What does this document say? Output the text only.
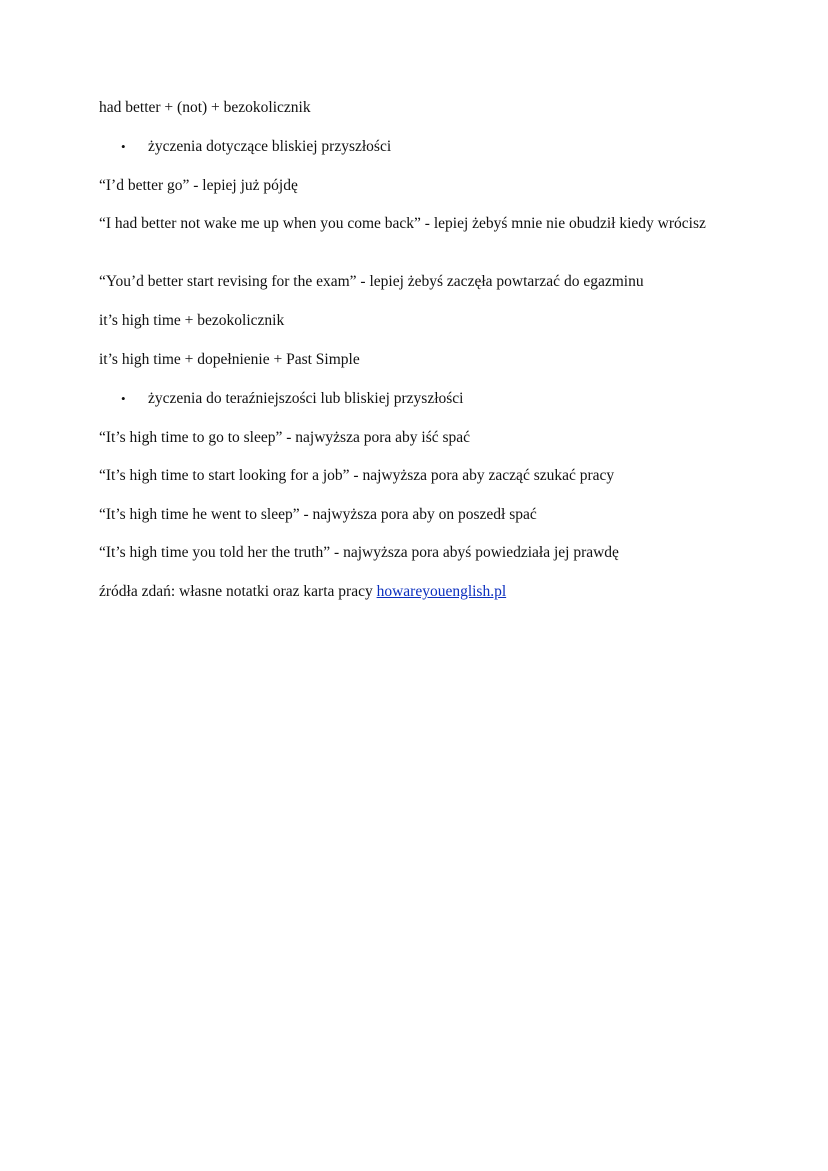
had better + (not) + bezokolicznik
•	życzenia dotyczące bliskiej przyszłości
“I’d better go” - lepiej już pójdę
“I had better not wake me up when you come back” - lepiej żebyś mnie nie obudził kiedy wrócisz
“You’d better start revising for the exam” - lepiej żebyś zaczęła powtarzać do egazminu
it’s high time + bezokolicznik
it’s high time + dopełnienie + Past Simple
•	życzenia do teraźniejszości lub bliskiej przyszłości
“It’s high time to go to sleep” - najwyższa pora aby iść spać
“It’s high time to start looking for a job” - najwyższa pora aby zacząć szukać pracy
“It’s high time he went to sleep” - najwyższa pora aby on poszedł spać
“It’s high time you told her the truth” - najwyższa pora abyś powiedziała jej prawdę
źródła zdań: własne notatki oraz karta pracy howareyouenglish.pl
